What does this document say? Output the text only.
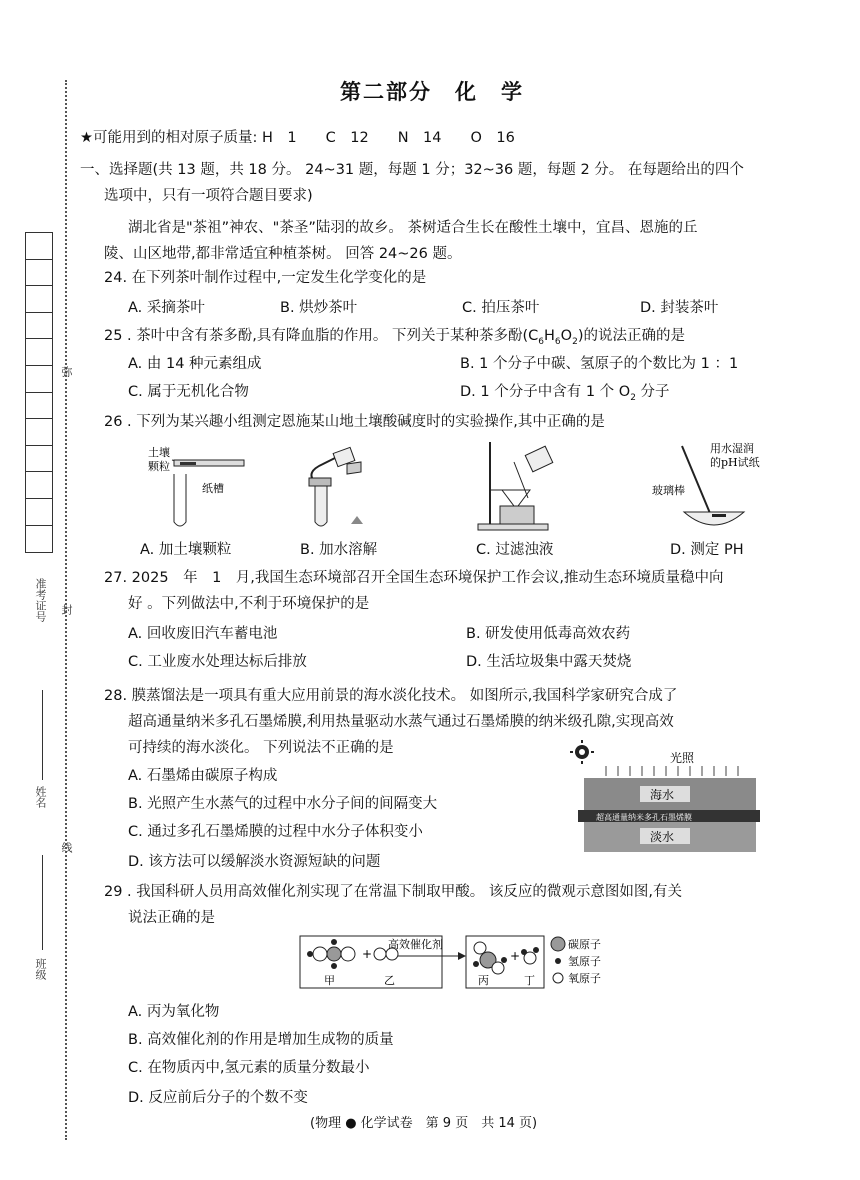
弥
封
线
准考证号
姓名
班级
第二部分　化　学
★可能用到的相对原子质量: H　1　　C　12　　N　14　　O　16
一、选择题(共 13 题，共 18 分。 24~31 题，每题 1 分；32~36 题，每题 2 分。 在每题给出的四个
选项中，只有一项符合题目要求)
湖北省是"茶祖”神农、"茶圣”陆羽的故乡。 茶树适合生长在酸性土壤中，宜昌、恩施的丘
陵、山区地带,都非常适宜种植茶树。 回答 24~26 题。
24. 在下列茶叶制作过程中,一定发生化学变化的是
A. 采摘茶叶	B. 烘炒茶叶	C. 拍压茶叶	D. 封装茶叶
25 . 茶叶中含有茶多酚,具有降血脂的作用。 下列关于某种茶多酚$(C_6H_6O_2)$的说法正确的是
A. 由 14 种元素组成	B. 1 个分子中碳、氢原子的个数比为 1 ：1
C. 属于无机化合物	D. 1 个分子中含有 1 个 $O_2$ 分子
26 . 下列为某兴趣小组测定恩施某山地土壤酸碱度时的实验操作,其中正确的是
土壤
颗粒
纸槽
用水湿润
的pH试纸
玻璃棒
A. 加土壤颗粒	B. 加水溶解	C. 过滤浊液	D. 测定 PH
27. 2025　年　1　月,我国生态环境部召开全国生态环境保护工作会议,推动生态环境质量稳中向
好 。下列做法中,不利于环境保护的是
A. 回收废旧汽车蓄电池	B. 研发使用低毒高效农药
C. 工业废水处理达标后排放	D. 生活垃圾集中露天焚烧
28. 膜蒸馏法是一项具有重大应用前景的海水淡化技术。 如图所示,我国科学家研究合成了
超高通量纳米多孔石墨烯膜,利用热量驱动水蒸气通过石墨烯膜的纳米级孔隙,实现高效
可持续的海水淡化。 下列说法不正确的是
A. 石墨烯由碳原子构成
B. 光照产生水蒸气的过程中水分子间的间隔变大
C. 通过多孔石墨烯膜的过程中水分子体积变小
D. 该方法可以缓解淡水资源短缺的问题
光照
海水
超高通量纳米多孔石墨烯膜
淡水
29 . 我国科研人员用高效催化剂实现了在常温下制取甲酸。 该反应的微观示意图如图,有关
说法正确的是
+
甲	乙
高效催化剂
+
丙	丁
碳原子
氢原子
氧原子
A. 丙为氧化物
B. 高效催化剂的作用是增加生成物的质量
C. 在物质丙中,氢元素的质量分数最小
D. 反应前后分子的个数不变
(物理 ● 化学试卷　第 9 页　共 14 页)
